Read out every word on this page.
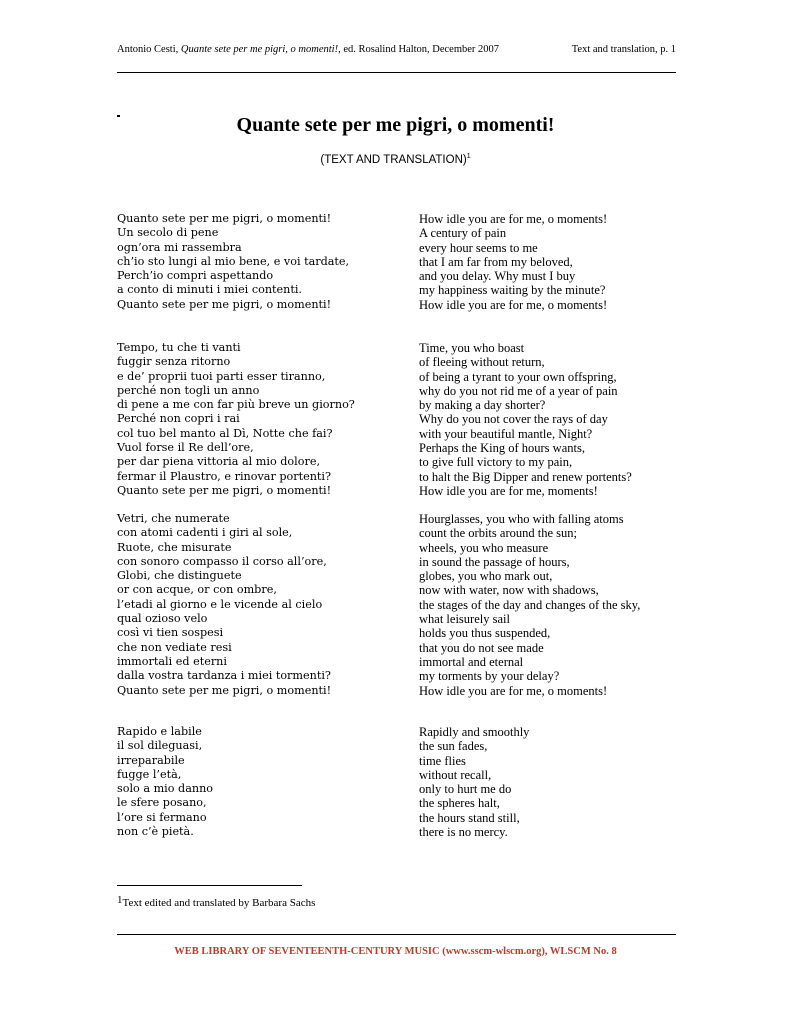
Antonio Cesti, Quante sete per me pigri, o momenti!, ed. Rosalind Halton, December 2007	Text and translation, p. 1
Quante sete per me pigri, o momenti!
(TEXT AND TRANSLATION)$^1$
Quanto sete per me pigri, o momenti!
Un secolo di pene
ogn’ora mi rassembra
ch’io sto lungi al mio bene, e voi tardate,
Perch’io compri aspettando
a conto di minuti i miei contenti.
Quanto sete per me pigri, o momenti!
How idle you are for me, o moments!
A century of pain
every hour seems to me
that I am far from my beloved,
and you delay. Why must I buy
my happiness waiting by the minute?
How idle you are for me, o moments!
Tempo, tu che ti vanti
fuggir senza ritorno
e de’ proprii tuoi parti esser tiranno,
perché non togli un anno
di pene a me con far più breve un giorno?
Perché non copri i rai
col tuo bel manto al Dì, Notte che fai?
Vuol forse il Re dell’ore,
per dar piena vittoria al mio dolore,
fermar il Plaustro, e rinovar portenti?
Quanto sete per me pigri, o momenti!
Time, you who boast
of fleeing without return,
of being a tyrant to your own offspring,
why do you not rid me of a year of pain
by making a day shorter?
Why do you not cover the rays of day
with your beautiful mantle, Night?
Perhaps the King of hours wants,
to give full victory to my pain,
to halt the Big Dipper and renew portents?
How idle you are for me, moments!
Vetri, che numerate
con atomi cadenti i giri al sole,
Ruote, che misurate
con sonoro compasso il corso all’ore,
Globi, che distinguete
or con acque, or con ombre,
l’etadi al giorno e le vicende al cielo
qual ozioso velo
così vi tien sospesi
che non vediate resi
immortali ed eterni
dalla vostra tardanza i miei tormenti?
Quanto sete per me pigri, o momenti!
Hourglasses, you who with falling atoms
count the orbits around the sun;
wheels, you who measure
in sound the passage of hours,
globes, you who mark out,
now with water, now with shadows,
the stages of the day and changes of the sky,
what leisurely sail
holds you thus suspended,
that you do not see made
immortal and eternal
my torments by your delay?
How idle you are for me, o moments!
Rapido e labile
il sol dileguasi,
irreparabile
fugge l’età,
solo a mio danno
le sfere posano,
l’ore si fermano
non c’è pietà.
Rapidly and smoothly
the sun fades,
time flies
without recall,
only to hurt me do
the spheres halt,
the hours stand still,
there is no mercy.
$^1$Text edited and translated by Barbara Sachs
WEB LIBRARY OF SEVENTEENTH-CENTURY MUSIC (www.sscm-wlscm.org), WLSCM No. 8
